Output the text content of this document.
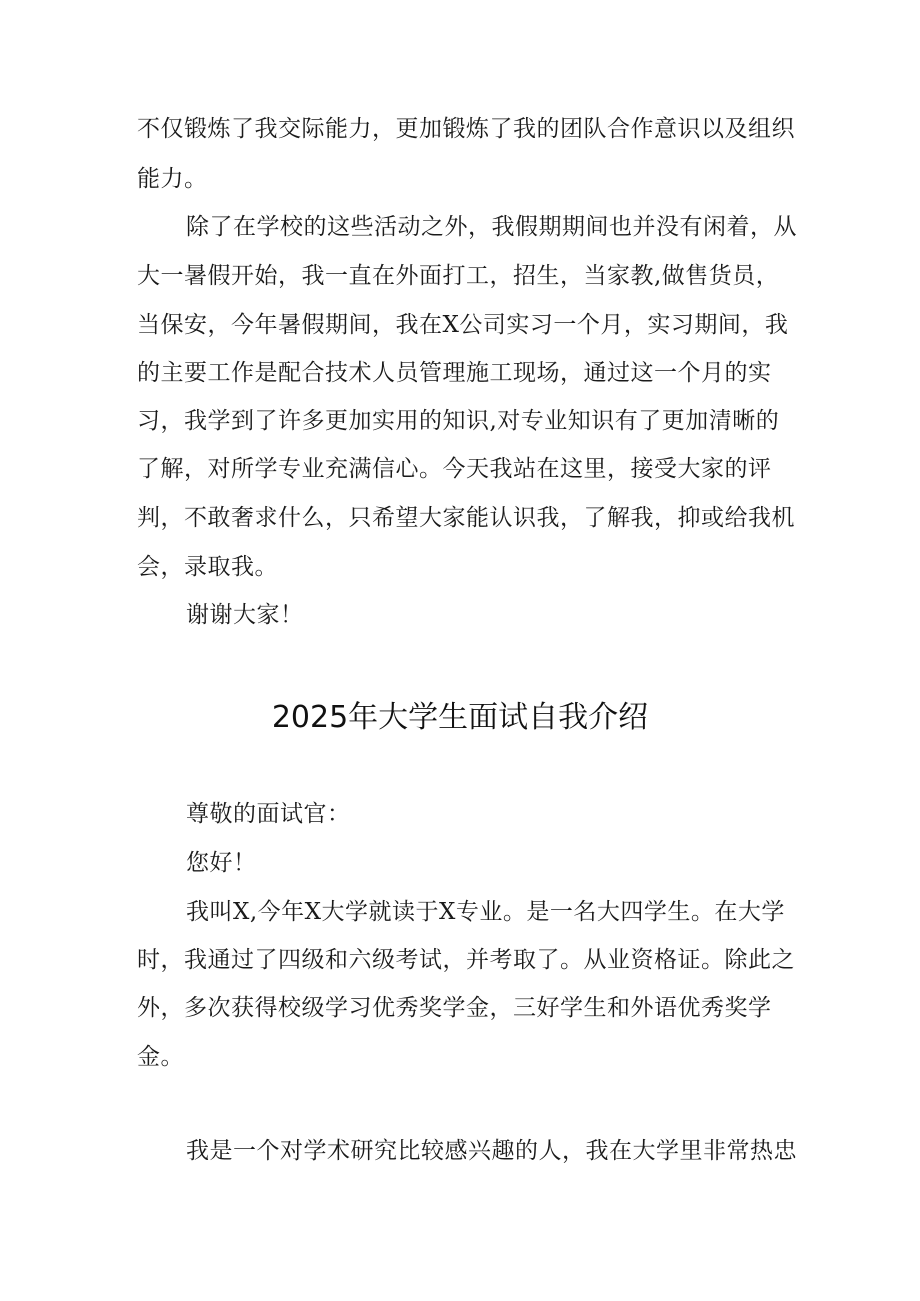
不仅锻炼了我交际能力，更加锻炼了我的团队合作意识以及组织
能力。
除了在学校的这些活动之外，我假期期间也并没有闲着，从
大一暑假开始，我一直在外面打工，招生，当家教,做售货员，
当保安，今年暑假期间，我在X公司实习一个月，实习期间，我
的主要工作是配合技术人员管理施工现场，通过这一个月的实
习，我学到了许多更加实用的知识,对专业知识有了更加清晰的
了解，对所学专业充满信心。今天我站在这里，接受大家的评
判，不敢奢求什么，只希望大家能认识我，了解我，抑或给我机
会，录取我。
谢谢大家！
2025年大学生面试自我介绍
尊敬的面试官：
您好！
我叫X,今年X大学就读于X专业。是一名大四学生。在大学
时，我通过了四级和六级考试，并考取了。从业资格证。除此之
外，多次获得校级学习优秀奖学金，三好学生和外语优秀奖学
金。
我是一个对学术研究比较感兴趣的人，我在大学里非常热忠
